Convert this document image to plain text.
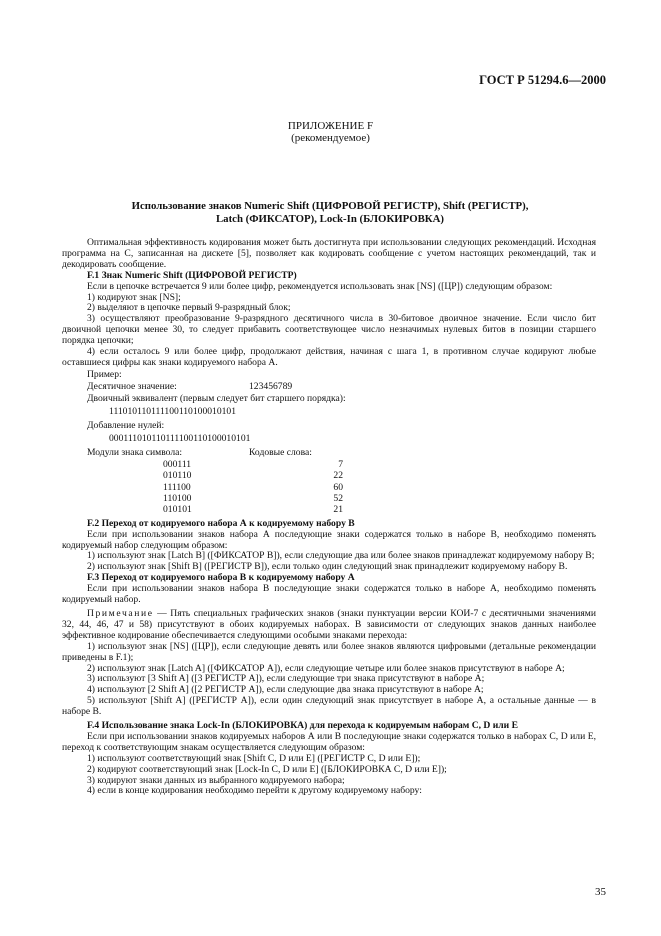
ГОСТ Р 51294.6—2000
ПРИЛОЖЕНИЕ F
(рекомендуемое)
Использование знаков Numeric Shift (ЦИФРОВОЙ РЕГИСТР), Shift (РЕГИСТР),
Latch (ФИКСАТОР), Lock-In (БЛОКИРОВКА)

Оптимальная эффективность кодирования может быть достигнута при использовании следующих рекомендаций. Исходная программа на С, записанная на дискете [5], позволяет как кодировать сообщение с учетом настоящих рекомендаций, так и декодировать сообщение.

F.1 Знак Numeric Shift (ЦИФРОВОЙ РЕГИСТР)

Если в цепочке встречается 9 или более цифр, рекомендуется использовать знак [NS] ([ЦР]) следующим образом:

1) кодируют знак [NS];

2) выделяют в цепочке первый 9-разрядный блок;

3) осуществляют преобразование 9-разрядного десятичного числа в 30-битовое двоичное значение. Если число бит двоичной цепочки менее 30, то следует прибавить соответствующее число незначимых нулевых битов в позиции старшего порядка цепочки;

4) если осталось 9 или более цифр, продолжают действия, начиная с шага 1, в противном случае кодируют любые оставшиеся цифры как знаки кодируемого набора А.

Пример:
Десятичное значение:	123456789
Двоичный эквивалент (первым следует бит старшего порядка):
111010110111100110100010101
Добавление нулей:
000111010110111100110100010101
Модули знака символа:	Кодовые слова:
000111	7
010110	22
111100	60
110100	52
010101	21

F.2 Переход от кодируемого набора А к кодируемому набору В

Если при использовании знаков набора А последующие знаки содержатся только в наборе В, необходимо поменять кодируемый набор следующим образом:

1) используют знак [Latch B] ([ФИКСАТОР В]), если следующие два или более знаков принадлежат кодируемому набору В;

2) используют знак [Shift B] ([РЕГИСТР В]), если только один следующий знак принадлежит кодируемому набору В.

F.3 Переход от кодируемого набора В к кодируемому набору А

Если при использовании знаков набора В последующие знаки содержатся только в наборе А, необходимо поменять кодируемый набор.

Примечание — Пять специальных графических знаков (знаки пунктуации версии КОИ-7 с десятичными значениями 32, 44, 46, 47 и 58) присутствуют в обоих кодируемых наборах. В зависимости от следующих знаков данных наиболее эффективное кодирование обеспечивается следующими особыми знаками перехода:

1) используют знак [NS] ([ЦР]), если следующие девять или более знаков являются цифровыми (детальные рекомендации приведены в F.1);

2) используют знак [Latch A] ([ФИКСАТОР А]), если следующие четыре или более знаков присутствуют в наборе А;

3) используют [3 Shift A] ([3 РЕГИСТР А]), если следующие три знака присутствуют в наборе А;

4) используют [2 Shift A] ([2 РЕГИСТР А]), если следующие два знака присутствуют в наборе А;

5) используют [Shift A] ([РЕГИСТР А]), если один следующий знак присутствует в наборе А, а остальные данные — в наборе В.

F.4 Использование знака Lock-In (БЛОКИРОВКА) для перехода к кодируемым наборам С, D или Е

Если при использовании знаков кодируемых наборов А или В последующие знаки содержатся только в наборах С, D или Е, переход к соответствующим знакам осуществляется следующим образом:

1) используют соответствующий знак [Shift C, D или E] ([РЕГИСТР С, D или Е]);

2) кодируют соответствующий знак [Lock-In C, D или E] ([БЛОКИРОВКА С, D или Е]);

3) кодируют знаки данных из выбранного кодируемого набора;

4) если в конце кодирования необходимо перейти к другому кодируемому набору:

35
